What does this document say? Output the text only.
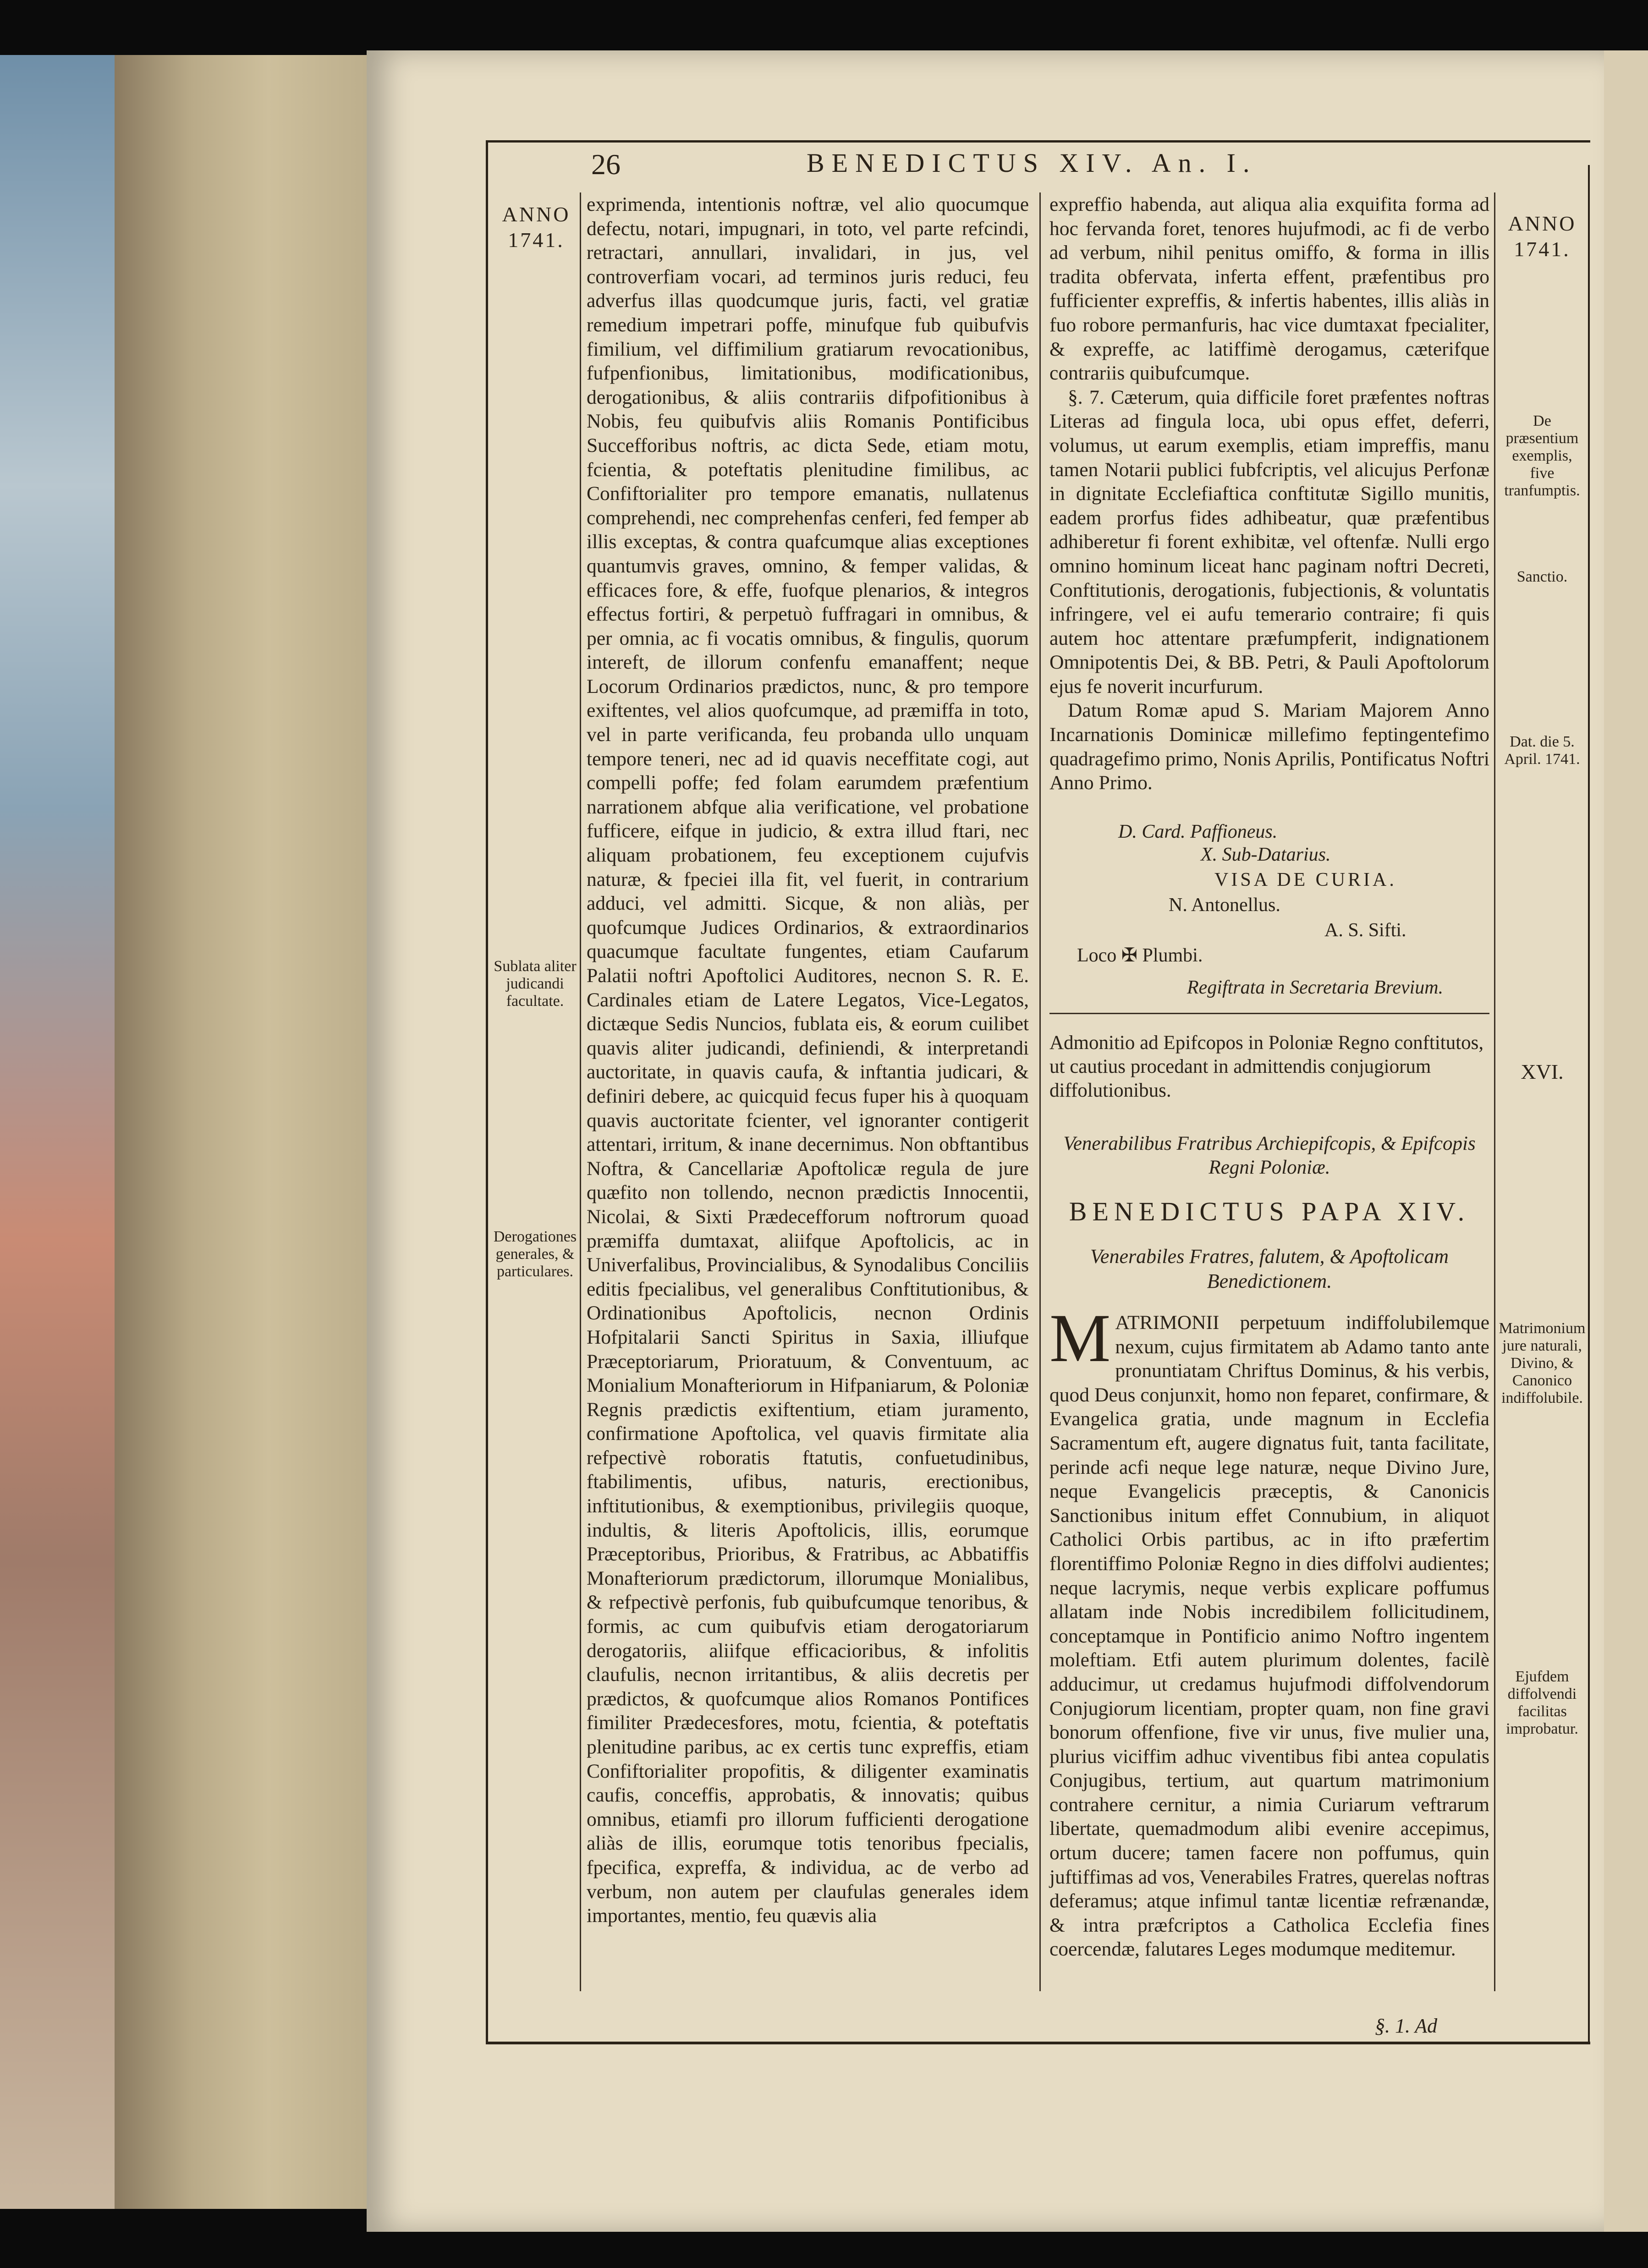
26	BENEDICTUS XIV. An. I.
ANNO
1741.
Sublata aliter judicandi facultate.
Derogationes generales, & particulares.
ANNO
1741.
De præsentium exemplis, five tranfumptis.
Sanctio.
Dat. die 5. April. 1741.
XVI.
Matrimonium jure naturali, Divino, & Canonico indiffolubile.
Ejufdem diffolvendi facilitas improbatur.

exprimenda, intentionis noftræ, vel alio quocumque defectu, notari, impugnari, in toto, vel parte refcindi, retractari, annullari, invalidari, in jus, vel controverfiam vocari, ad terminos juris reduci, feu adverfus illas quodcumque juris, facti, vel gratiæ remedium impetrari poffe, minufque fub quibufvis fimilium, vel diffimilium gratiarum revocationibus, fufpenfionibus, limitationibus, modificationibus, derogationibus, & aliis contrariis difpofitionibus à Nobis, feu quibufvis aliis Romanis Pontificibus Succefforibus noftris, ac dicta Sede, etiam motu, fcientia, & poteftatis plenitudine fimilibus, ac Confiftorialiter pro tempore emanatis, nullatenus comprehendi, nec comprehenfas cenferi, fed femper ab illis exceptas, & contra quafcumque alias exceptiones quantumvis graves, omnino, & femper validas, & efficaces fore, & effe, fuofque plenarios, & integros effectus fortiri, & perpetuò fuffragari in omnibus, & per omnia, ac fi vocatis omnibus, & fingulis, quorum intereft, de illorum confenfu emanaffent; neque Locorum Ordinarios prædictos, nunc, & pro tempore exiftentes, vel alios quofcumque, ad præmiffa in toto, vel in parte verificanda, feu probanda ullo unquam tempore teneri, nec ad id quavis neceffitate cogi, aut compelli poffe; fed folam earumdem præfentium narrationem abfque alia verificatione, vel probatione fufficere, eifque in judicio, & extra illud ftari, nec aliquam probationem, feu exceptionem cujufvis naturæ, & fpeciei illa fit, vel fuerit, in contrarium adduci, vel admitti. Sicque, & non aliàs, per quofcumque Judices Ordinarios, & extraordinarios quacumque facultate fungentes, etiam Caufarum Palatii noftri Apoftolici Auditores, necnon S. R. E. Cardinales etiam de Latere Legatos, Vice-Legatos, dictæque Sedis Nuncios, fublata eis, & eorum cuilibet quavis aliter judicandi, definiendi, & interpretandi auctoritate, in quavis caufa, & inftantia judicari, & definiri debere, ac quicquid fecus fuper his à quoquam quavis auctoritate fcienter, vel ignoranter contigerit attentari, irritum, & inane decernimus. Non obftantibus Noftra, & Cancellariæ Apoftolicæ regula de jure quæfito non tollendo, necnon prædictis Innocentii, Nicolai, & Sixti Prædecefforum noftrorum quoad præmiffa dumtaxat, aliifque Apoftolicis, ac in Univerfalibus, Provincialibus, & Synodalibus Conciliis editis fpecialibus, vel generalibus Conftitutionibus, & Ordinationibus Apoftolicis, necnon Ordinis Hofpitalarii Sancti Spiritus in Saxia, illiufque Præceptoriarum, Prioratuum, & Conventuum, ac Monialium Monafteriorum in Hifpaniarum, & Poloniæ Regnis prædictis exiftentium, etiam juramento, confirmatione Apoftolica, vel quavis firmitate alia refpectivè roboratis ftatutis, confuetudinibus, ftabilimentis, ufibus, naturis, erectionibus, inftitutionibus, & exemptionibus, privilegiis quoque, indultis, & literis Apoftolicis, illis, eorumque Præceptoribus, Prioribus, & Fratribus, ac Abbatiffis Monafteriorum prædictorum, illorumque Monialibus, & refpectivè perfonis, fub quibufcumque tenoribus, & formis, ac cum quibufvis etiam derogatoriarum derogatoriis, aliifque efficacioribus, & infolitis claufulis, necnon irritantibus, & aliis decretis per prædictos, & quofcumque alios Romanos Pontifices fimiliter Prædecesfores, motu, fcientia, & poteftatis plenitudine paribus, ac ex certis tunc expreffis, etiam Confiftorialiter propofitis, & diligenter examinatis caufis, conceffis, approbatis, & innovatis; quibus omnibus, etiamfi pro illorum fufficienti derogatione aliàs de illis, eorumque totis tenoribus fpecialis, fpecifica, expreffa, & individua, ac de verbo ad verbum, non autem per claufulas generales idem importantes, mentio, feu quævis alia

expreffio habenda, aut aliqua alia exquifita forma ad hoc fervanda foret, tenores hujufmodi, ac fi de verbo ad verbum, nihil penitus omiffo, & forma in illis tradita obfervata, inferta effent, præfentibus pro fufficienter expreffis, & infertis habentes, illis aliàs in fuo robore permanfuris, hac vice dumtaxat fpecialiter, & expreffe, ac latiffimè derogamus, cæterifque contrariis quibufcumque.

§. 7. Cæterum, quia difficile foret præfentes noftras Literas ad fingula loca, ubi opus effet, deferri, volumus, ut earum exemplis, etiam impreffis, manu tamen Notarii publici fubfcriptis, vel alicujus Perfonæ in dignitate Ecclefiaftica conftitutæ Sigillo munitis, eadem prorfus fides adhibeatur, quæ præfentibus adhiberetur fi forent exhibitæ, vel oftenfæ. Nulli ergo omnino hominum liceat hanc paginam noftri Decreti, Conftitutionis, derogationis, fubjectionis, & voluntatis infringere, vel ei aufu temerario contraire; fi quis autem hoc attentare præfumpferit, indignationem Omnipotentis Dei, & BB. Petri, & Pauli Apoftolorum ejus fe noverit incurfurum.

Datum Romæ apud S. Mariam Majorem Anno Incarnationis Dominicæ millefimo feptingentefimo quadragefimo primo, Nonis Aprilis, Pontificatus Noftri Anno Primo.

D. Card. Paffioneus.
X. Sub-Datarius.
VISA DE CURIA.
N. Antonellus.
A. S. Sifti.
Loco ✠ Plumbi.
Regiftrata in Secretaria Brevium.
Admonitio ad Epifcopos in Poloniæ Regno conftitutos, ut cautius procedant in admittendis conjugiorum diffolutionibus.
Venerabilibus Fratribus Archiepifcopis, & Epifcopis Regni Poloniæ.
BENEDICTUS PAPA XIV.
Venerabiles Fratres, falutem, & Apoftolicam Benedictionem.
M ATRIMONII perpetuum indiffolubilemque nexum, cujus firmitatem ab Adamo tanto ante pronuntiatam Chriftus Dominus, & his verbis, quod Deus conjunxit, homo non feparet, confirmare, & Evangelica gratia, unde magnum in Ecclefia Sacramentum eft, augere dignatus fuit, tanta facilitate, perinde acfi neque lege naturæ, neque Divino Jure, neque Evangelicis præceptis, & Canonicis Sanctionibus initum effet Connubium, in aliquot Catholici Orbis partibus, ac in ifto præfertim florentiffimo Poloniæ Regno in dies diffolvi audientes; neque lacrymis, neque verbis explicare poffumus allatam inde Nobis incredibilem follicitudinem, conceptamque in Pontificio animo Noftro ingentem moleftiam. Etfi autem plurimum dolentes, facilè adducimur, ut credamus hujufmodi diffolvendorum Conjugiorum licentiam, propter quam, non fine gravi bonorum offenfione, five vir unus, five mulier una, plurius viciffim adhuc viventibus fibi antea copulatis Conjugibus, tertium, aut quartum matrimonium contrahere cernitur, a nimia Curiarum veftrarum libertate, quemadmodum alibi evenire accepimus, ortum ducere; tamen facere non poffumus, quin juftiffimas ad vos, Venerabiles Fratres, querelas noftras deferamus; atque infimul tantæ licentiæ refrænandæ, & intra præfcriptos a Catholica Ecclefia fines coercendæ, falutares Leges modumque meditemur.
§. 1. Ad
